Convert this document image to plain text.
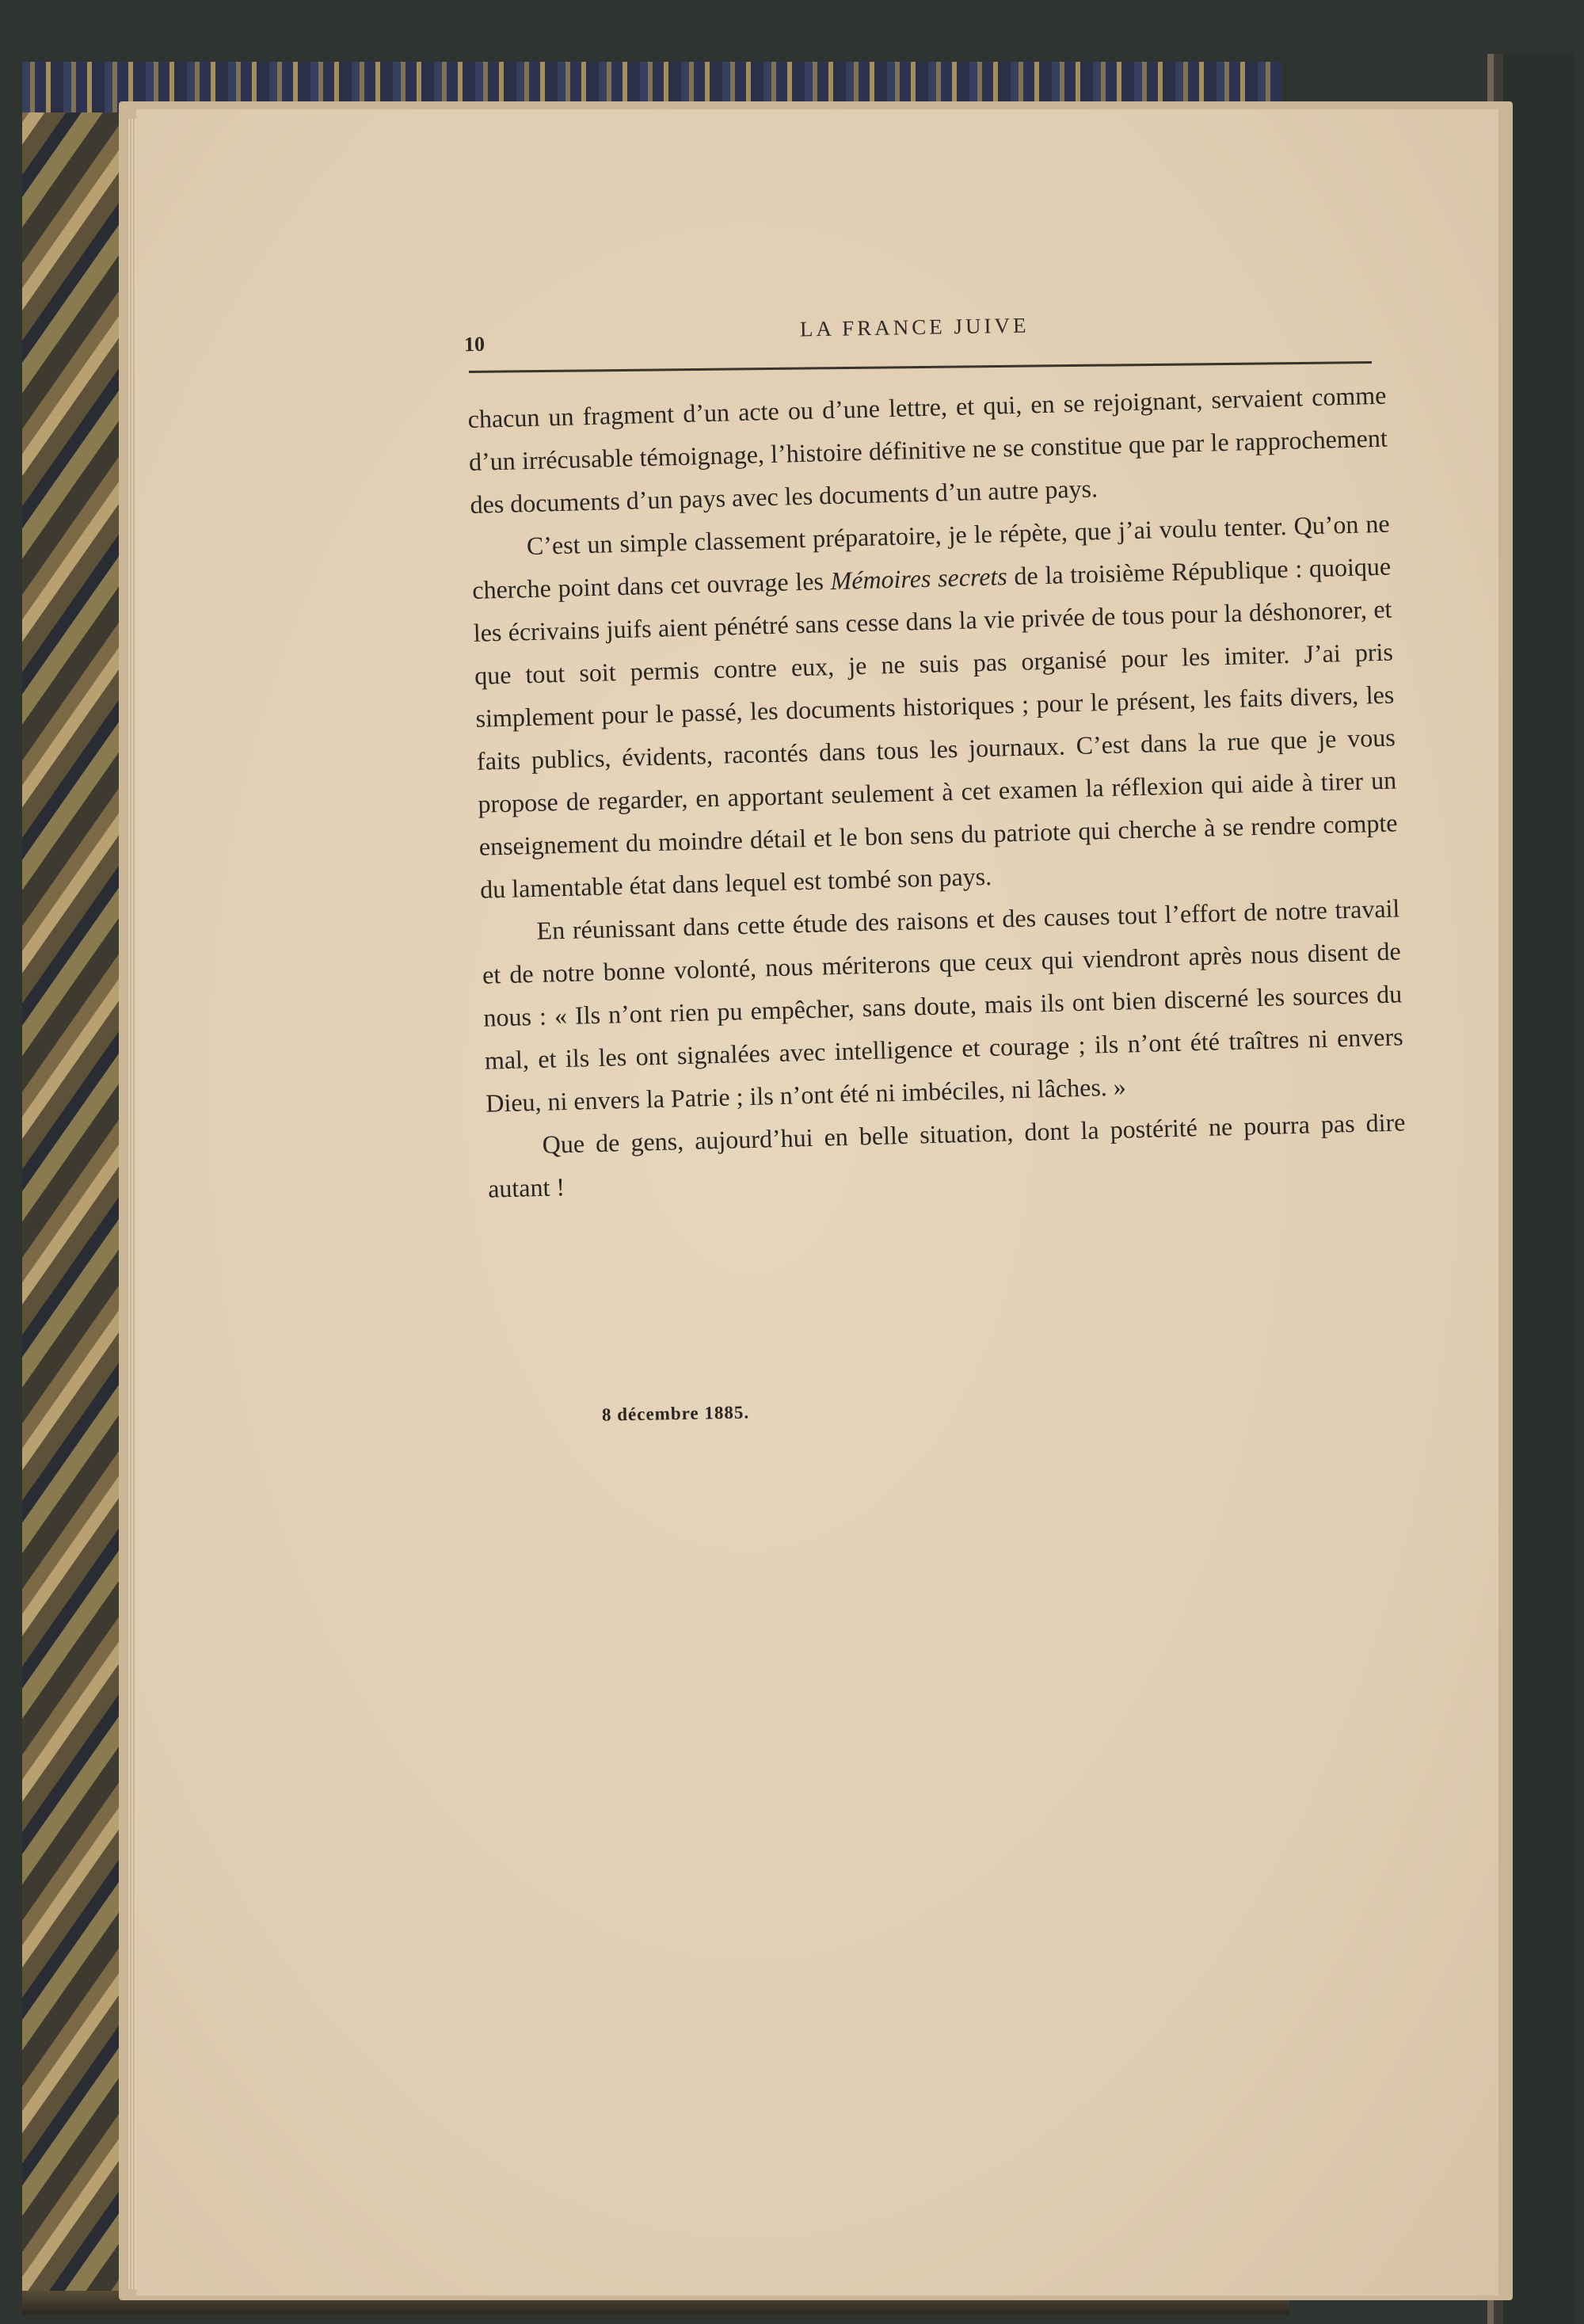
10
LA FRANCE JUIVE

chacun un fragment d’un acte ou d’une lettre, et qui, en se rejoignant, servaient comme d’un irrécusable témoignage, l’histoire définitive ne se constitue que par le rapprochement des documents d’un pays avec les documents d’un autre pays.

C’est un simple classement préparatoire, je le répète, que j’ai voulu tenter. Qu’on ne cherche point dans cet ouvrage les Mémoires secrets de la troisième République : quoique les écrivains juifs aient pénétré sans cesse dans la vie privée de tous pour la déshonorer, et que tout soit permis contre eux, je ne suis pas organisé pour les imiter. J’ai pris simplement pour le passé, les documents historiques ; pour le présent, les faits divers, les faits publics, évidents, racontés dans tous les journaux. C’est dans la rue que je vous propose de regarder, en apportant seulement à cet examen la réflexion qui aide à tirer un enseignement du moindre détail et le bon sens du patriote qui cherche à se rendre compte du lamentable état dans lequel est tombé son pays.

En réunissant dans cette étude des raisons et des causes tout l’effort de notre travail et de notre bonne volonté, nous mériterons que ceux qui viendront après nous disent de nous : « Ils n’ont rien pu empêcher, sans doute, mais ils ont bien discerné les sources du mal, et ils les ont signalées avec intelligence et courage ; ils n’ont été traîtres ni envers Dieu, ni envers la Patrie ; ils n’ont été ni imbéciles, ni lâches. »

Que de gens, aujourd’hui en belle situation, dont la postérité ne pourra pas dire autant !

8 décembre 1885.
